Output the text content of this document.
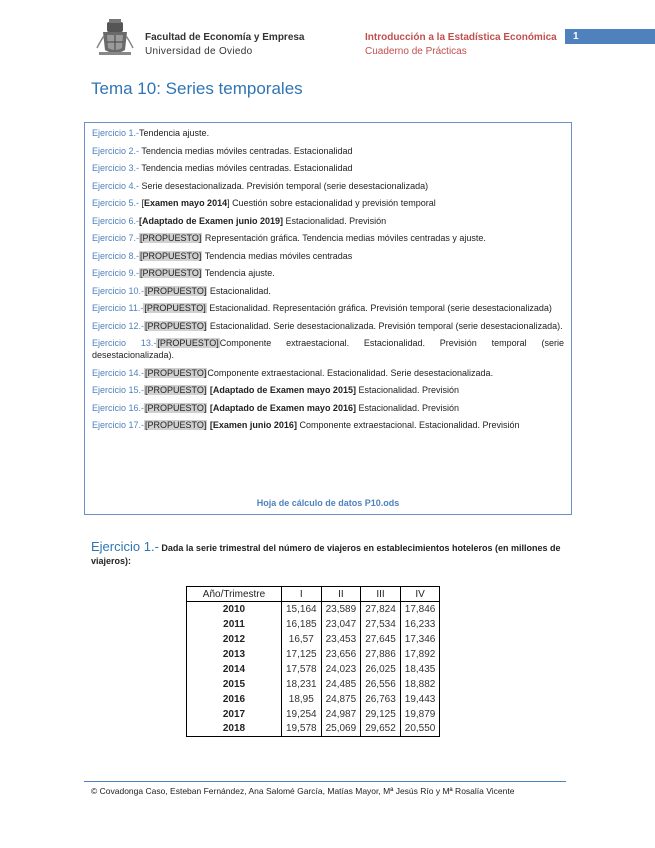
Facultad de Economía y Empresa
Universidad de Oviedo
Introducción a la Estadística Económica
Cuaderno de Prácticas
1
Tema 10: Series temporales
Ejercicio 1.-Tendencia ajuste.
Ejercicio 2.- Tendencia medias móviles centradas. Estacionalidad
Ejercicio 3.- Tendencia medias móviles centradas. Estacionalidad
Ejercicio 4.- Serie desestacionalizada. Previsión temporal (serie desestacionalizada)
Ejercicio 5.- [Examen mayo 2014] Cuestión sobre estacionalidad y previsión temporal
Ejercicio 6.-[Adaptado de Examen junio 2019] Estacionalidad. Previsión
Ejercicio 7.-[PROPUESTO] Representación gráfica. Tendencia medias móviles centradas y ajuste.
Ejercicio 8.-[PROPUESTO] Tendencia medias móviles centradas
Ejercicio 9.-[PROPUESTO] Tendencia ajuste.
Ejercicio 10.-[PROPUESTO] Estacionalidad.
Ejercicio 11.-[PROPUESTO] Estacionalidad. Representación gráfica. Previsión temporal (serie desestacionalizada)
Ejercicio 12.-[PROPUESTO] Estacionalidad. Serie desestacionalizada. Previsión temporal (serie desestacionalizada).
Ejercicio 13.-[PROPUESTO]Componente extraestacional. Estacionalidad. Previsión temporal (serie desestacionalizada).
Ejercicio 14.-[PROPUESTO]Componente extraestacional. Estacionalidad. Serie desestacionalizada.
Ejercicio 15.-[PROPUESTO] [Adaptado de Examen mayo 2015] Estacionalidad. Previsión
Ejercicio 16.-[PROPUESTO] [Adaptado de Examen mayo 2016] Estacionalidad. Previsión
Ejercicio 17.-[PROPUESTO] [Examen junio 2016] Componente extraestacional. Estacionalidad. Previsión
Hoja de cálculo de datos P10.ods
Ejercicio 1.- Dada la serie trimestral del número de viajeros en establecimientos hoteleros (en millones de viajeros):
Año/Trimestre	I	II	III	IV
2010	15,164	23,589	27,824	17,846
2011	16,185	23,047	27,534	16,233
2012	16,57	23,453	27,645	17,346
2013	17,125	23,656	27,886	17,892
2014	17,578	24,023	26,025	18,435
2015	18,231	24,485	26,556	18,882
2016	18,95	24,875	26,763	19,443
2017	19,254	24,987	29,125	19,879
2018	19,578	25,069	29,652	20,550
© Covadonga Caso, Esteban Fernández, Ana Salomé García, Matías Mayor, Mª Jesús Río y Mª Rosalía Vicente
